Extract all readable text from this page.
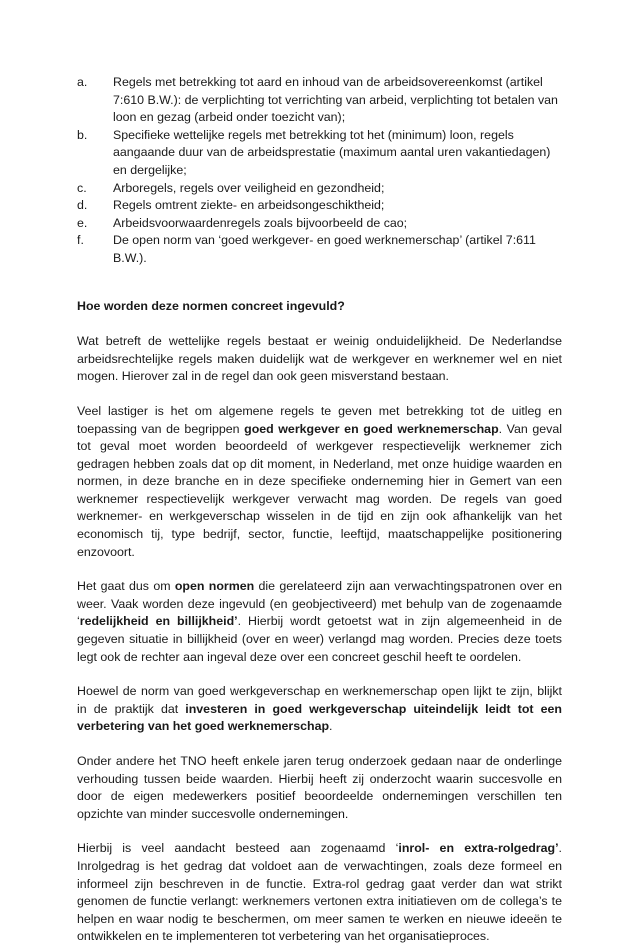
a.	Regels met betrekking tot aard en inhoud van de arbeidsovereenkomst (artikel 7:610 B.W.): de verplichting tot verrichting van arbeid, verplichting tot betalen van loon en gezag (arbeid onder toezicht van);
b.	Specifieke wettelijke regels met betrekking tot het (minimum) loon, regels aangaande duur van de arbeidsprestatie (maximum aantal uren vakantiedagen) en dergelijke;
c.	Arboregels, regels over veiligheid en gezondheid;
d.	Regels omtrent ziekte- en arbeidsongeschiktheid;
e.	Arbeidsvoorwaardenregels zoals bijvoorbeeld de cao;
f.	De open norm van ‘goed werkgever- en goed werknemerschap’ (artikel 7:611 B.W.).
Hoe worden deze normen concreet ingevuld?

Wat betreft de wettelijke regels bestaat er weinig onduidelijkheid. De Nederlandse arbeidsrechtelijke regels maken duidelijk wat de werkgever en werknemer wel en niet mogen. Hierover zal in de regel dan ook geen misverstand bestaan.

Veel lastiger is het om algemene regels te geven met betrekking tot de uitleg en toepassing van de begrippen goed werkgever en goed werknemerschap. Van geval tot geval moet worden beoordeeld of werkgever respectievelijk werknemer zich gedragen hebben zoals dat op dit moment, in Nederland, met onze huidige waarden en normen, in deze branche en in deze specifieke onderneming hier in Gemert van een werknemer respectievelijk werkgever verwacht mag worden. De regels van goed werknemer- en werkgeverschap wisselen in de tijd en zijn ook afhankelijk van het economisch tij, type bedrijf, sector, functie, leeftijd, maatschappelijke positionering enzovoort.

Het gaat dus om open normen die gerelateerd zijn aan verwachtingspatronen over en weer. Vaak worden deze ingevuld (en geobjectiveerd) met behulp van de zogenaamde ‘redelijkheid en billijkheid’. Hierbij wordt getoetst wat in zijn algemeenheid in de gegeven situatie in billijkheid (over en weer) verlangd mag worden. Precies deze toets legt ook de rechter aan ingeval deze over een concreet geschil heeft te oordelen.

Hoewel de norm van goed werkgeverschap en werknemerschap open lijkt te zijn, blijkt in de praktijk dat investeren in goed werkgeverschap uiteindelijk leidt tot een verbetering van het goed werknemerschap.

Onder andere het TNO heeft enkele jaren terug onderzoek gedaan naar de onderlinge verhouding tussen beide waarden. Hierbij heeft zij onderzocht waarin succesvolle en door de eigen medewerkers positief beoordeelde ondernemingen verschillen ten opzichte van minder succesvolle ondernemingen.

Hierbij is veel aandacht besteed aan zogenaamd ‘inrol- en extra-rolgedrag’. Inrolgedrag is het gedrag dat voldoet aan de verwachtingen, zoals deze formeel en informeel zijn beschreven in de functie. Extra-rol gedrag gaat verder dan wat strikt genomen de functie verlangt: werknemers vertonen extra initiatieven om de collega’s te helpen en waar nodig te beschermen, om meer samen te werken en nieuwe ideeën te ontwikkelen en te implementeren tot verbetering van het organisatieproces.
